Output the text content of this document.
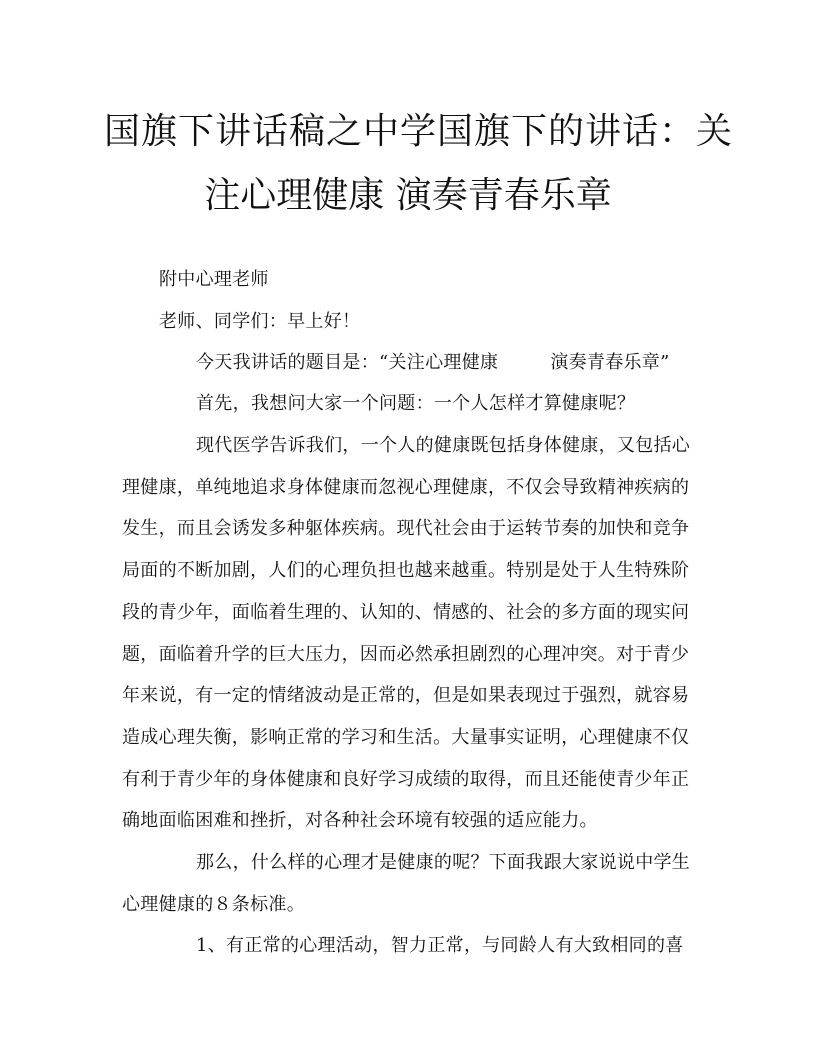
国旗下讲话稿之中学国旗下的讲话：关
注心理健康 演奏青春乐章
附中心理老师
老师、同学们：早上好！
今天我讲话的题目是：“关注心理健康	演奏青春乐章”
首先，我想问大家一个问题：一个人怎样才算健康呢？
现代医学告诉我们，一个人的健康既包括身体健康，又包括心
理健康，单纯地追求身体健康而忽视心理健康，不仅会导致精神疾病的
发生，而且会诱发多种躯体疾病。现代社会由于运转节奏的加快和竞争
局面的不断加剧，人们的心理负担也越来越重。特别是处于人生特殊阶
段的青少年，面临着生理的、认知的、情感的、社会的多方面的现实问
题，面临着升学的巨大压力，因而必然承担剧烈的心理冲突。对于青少
年来说，有一定的情绪波动是正常的，但是如果表现过于强烈，就容易
造成心理失衡，影响正常的学习和生活。大量事实证明，心理健康不仅
有利于青少年的身体健康和良好学习成绩的取得，而且还能使青少年正
确地面临困难和挫折，对各种社会环境有较强的适应能力。
那么，什么样的心理才是健康的呢？下面我跟大家说说中学生
心理健康的８条标准。
1、有正常的心理活动，智力正常，与同龄人有大致相同的喜
